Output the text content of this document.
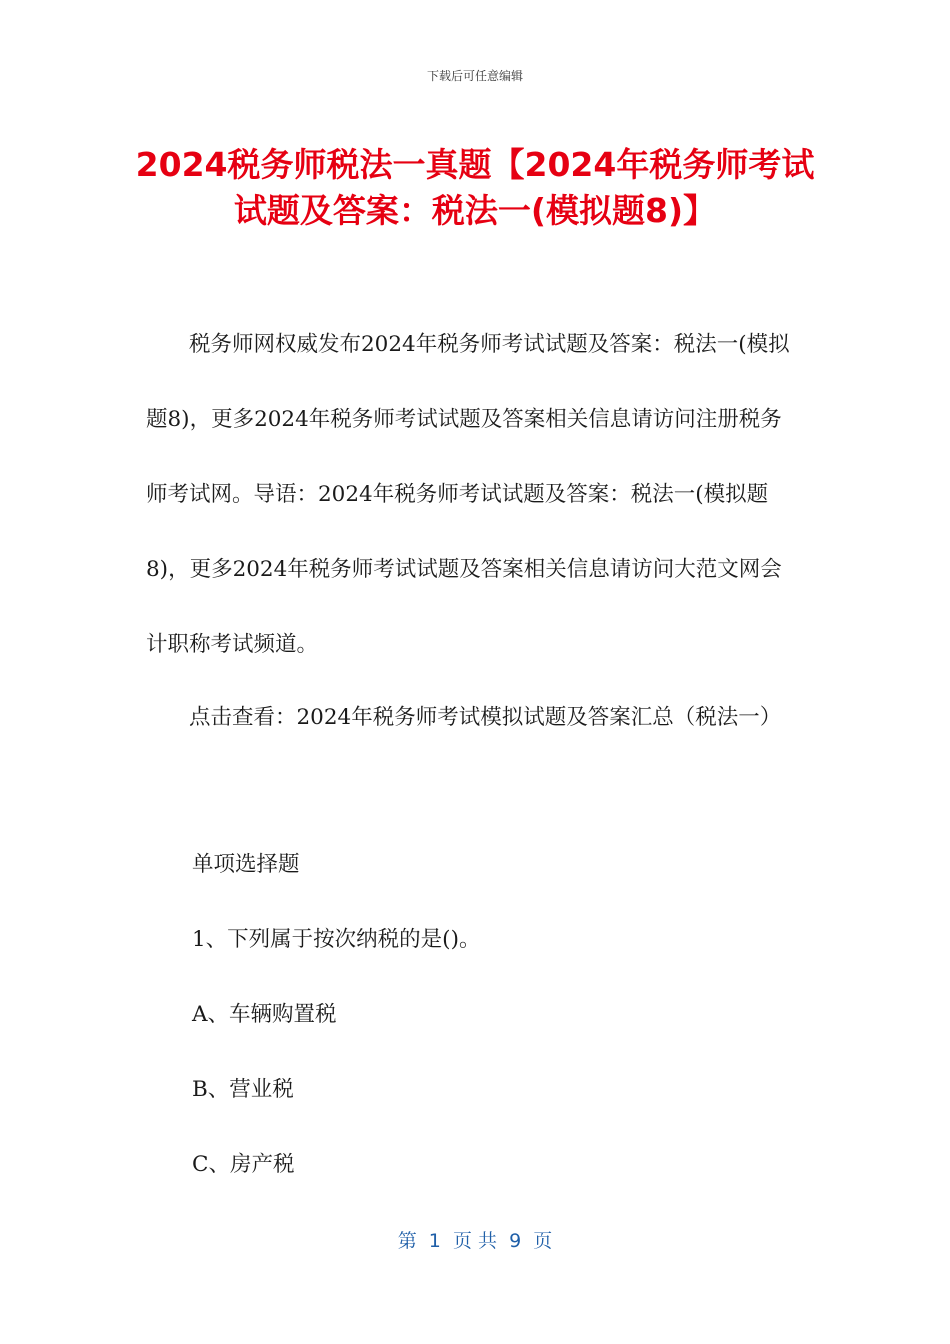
下载后可任意编辑
2024税务师税法一真题【2024年税务师考试试题及答案：税法一(模拟题8)】

税务师网权威发布2024年税务师考试试题及答案：税法一(模拟题8)，更多2024年税务师考试试题及答案相关信息请访问注册税务师考试网。导语：2024年税务师考试试题及答案：税法一(模拟题8)，更多2024年税务师考试试题及答案相关信息请访问大范文网会计职称考试频道。

点击查看：2024年税务师考试模拟试题及答案汇总（税法一）

单项选择题
1、下列属于按次纳税的是()。
A、车辆购置税
B、营业税
C、房产税
第  1  页 共  9  页
